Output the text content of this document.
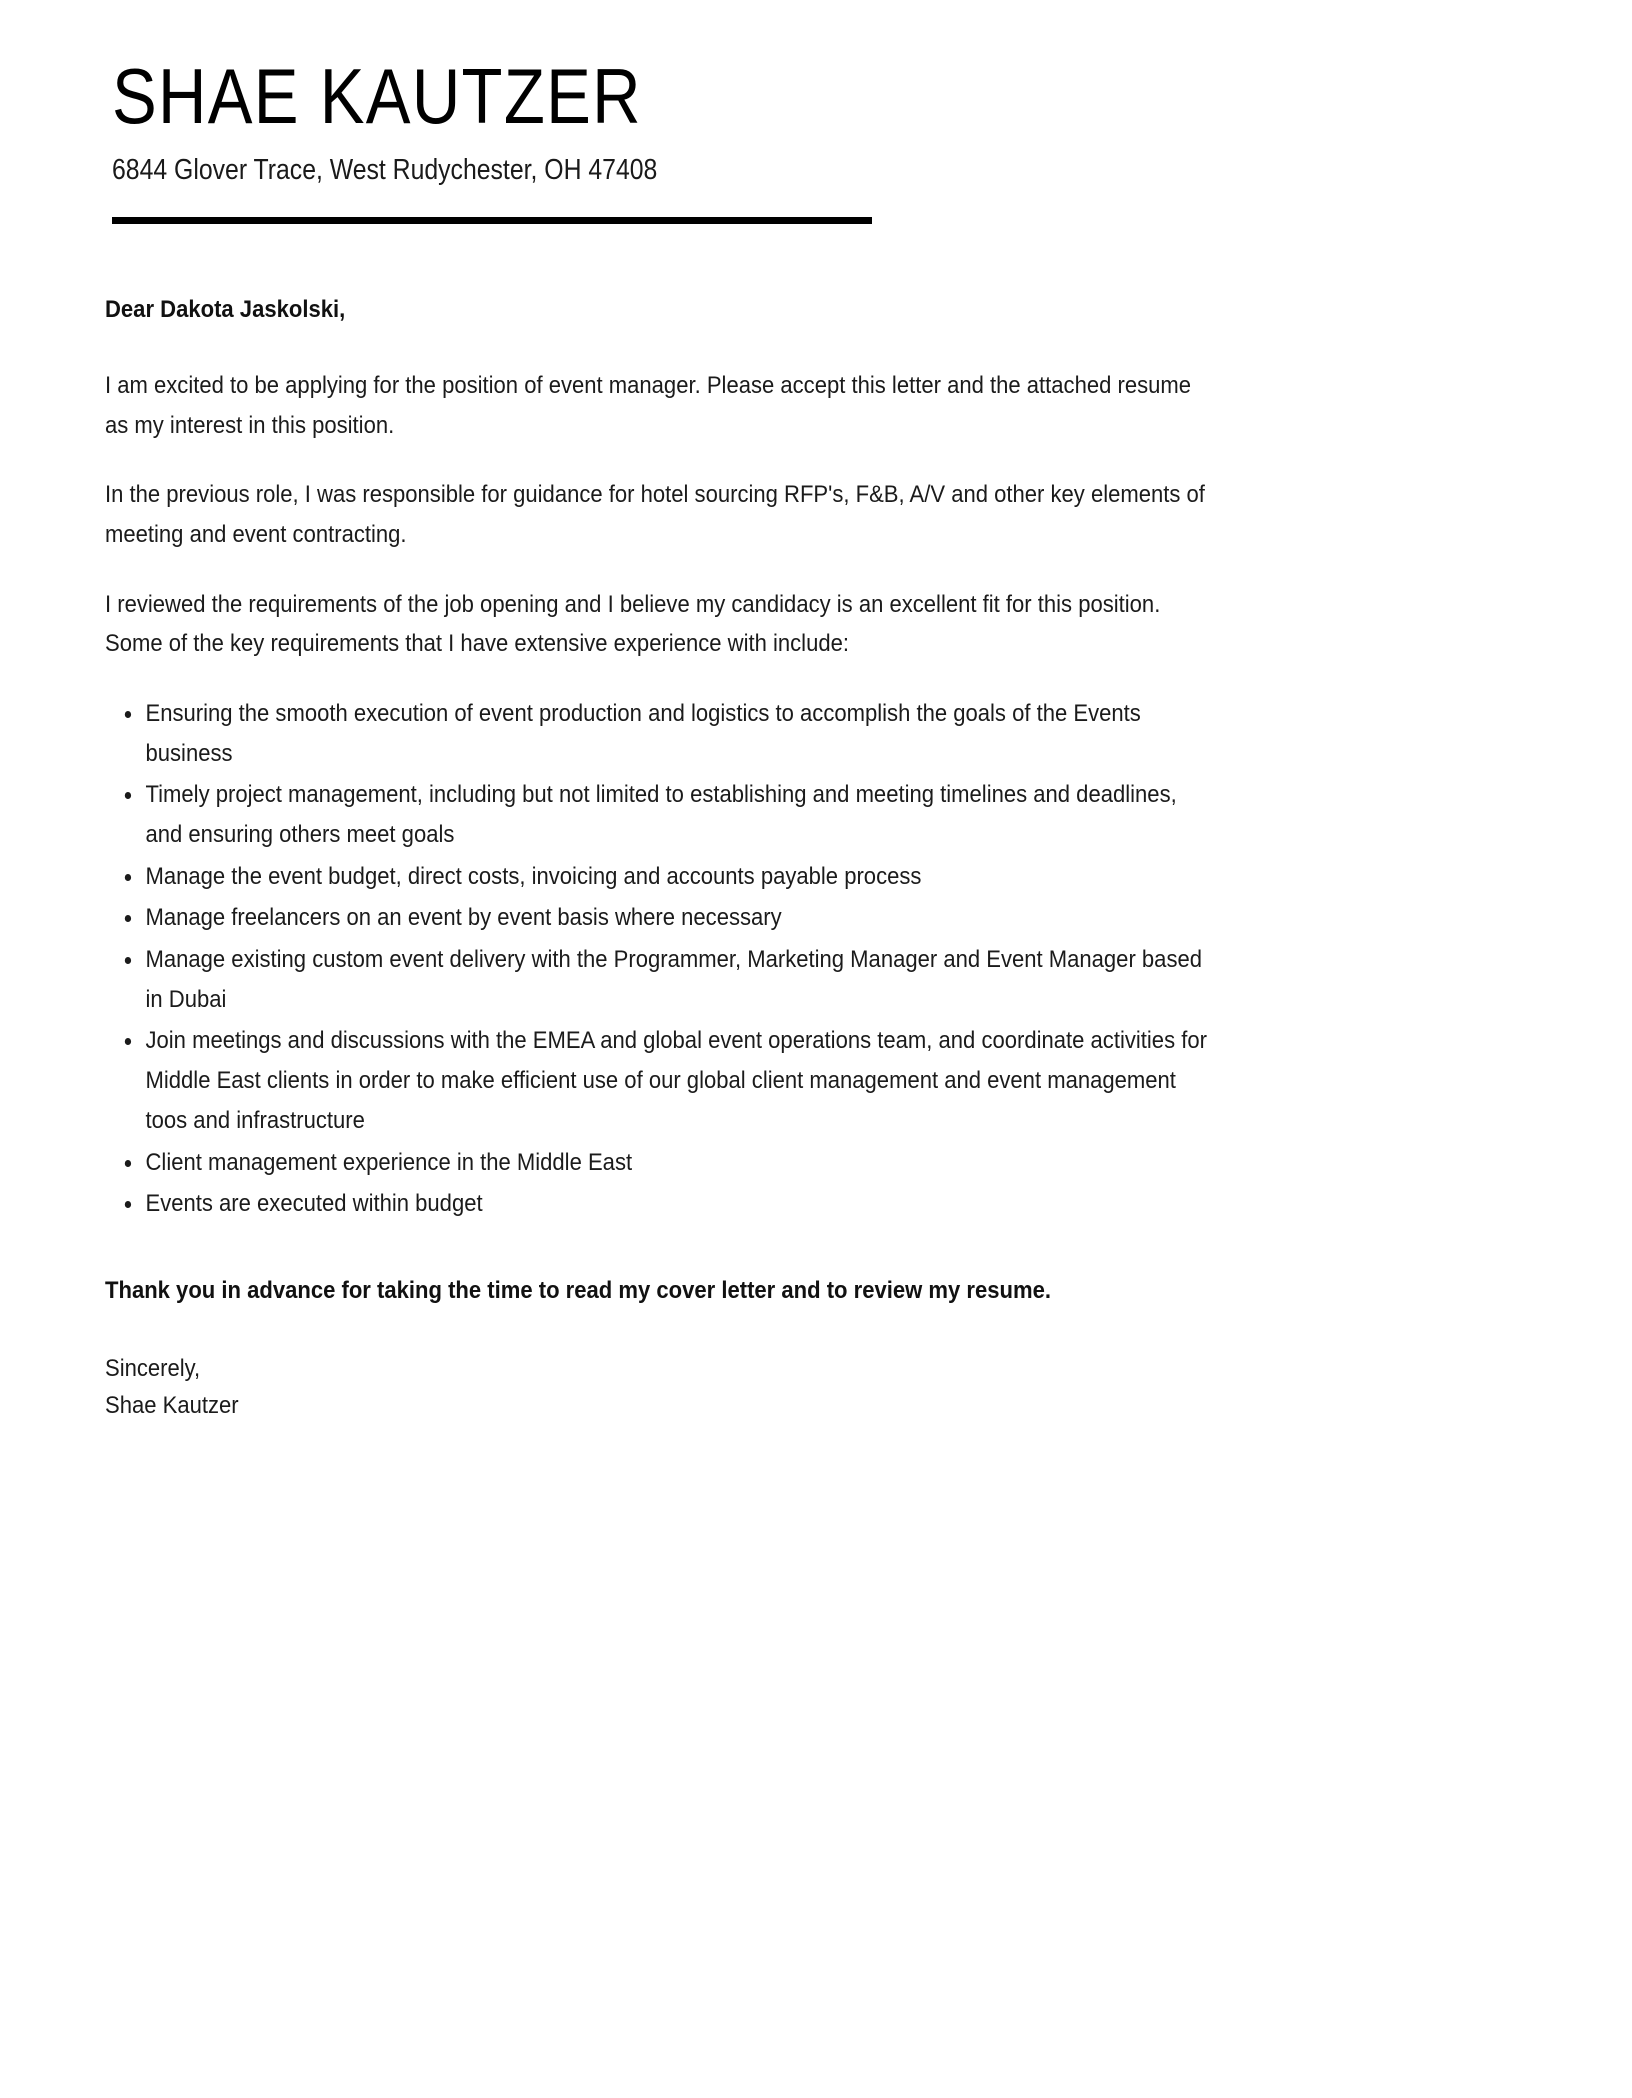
SHAE KAUTZER
6844 Glover Trace, West Rudychester, OH 47408
Dear Dakota Jaskolski,
I am excited to be applying for the position of event manager. Please accept this letter and the attached resume as my interest in this position.
In the previous role, I was responsible for guidance for hotel sourcing RFP's, F&B, A/V and other key elements of meeting and event contracting.
I reviewed the requirements of the job opening and I believe my candidacy is an excellent fit for this position. Some of the key requirements that I have extensive experience with include:
Ensuring the smooth execution of event production and logistics to accomplish the goals of the Events business
Timely project management, including but not limited to establishing and meeting timelines and deadlines, and ensuring others meet goals
Manage the event budget, direct costs, invoicing and accounts payable process
Manage freelancers on an event by event basis where necessary
Manage existing custom event delivery with the Programmer, Marketing Manager and Event Manager based in Dubai
Join meetings and discussions with the EMEA and global event operations team, and coordinate activities for Middle East clients in order to make efficient use of our global client management and event management toos and infrastructure
Client management experience in the Middle East
Events are executed within budget
Thank you in advance for taking the time to read my cover letter and to review my resume.
Sincerely,
Shae Kautzer
